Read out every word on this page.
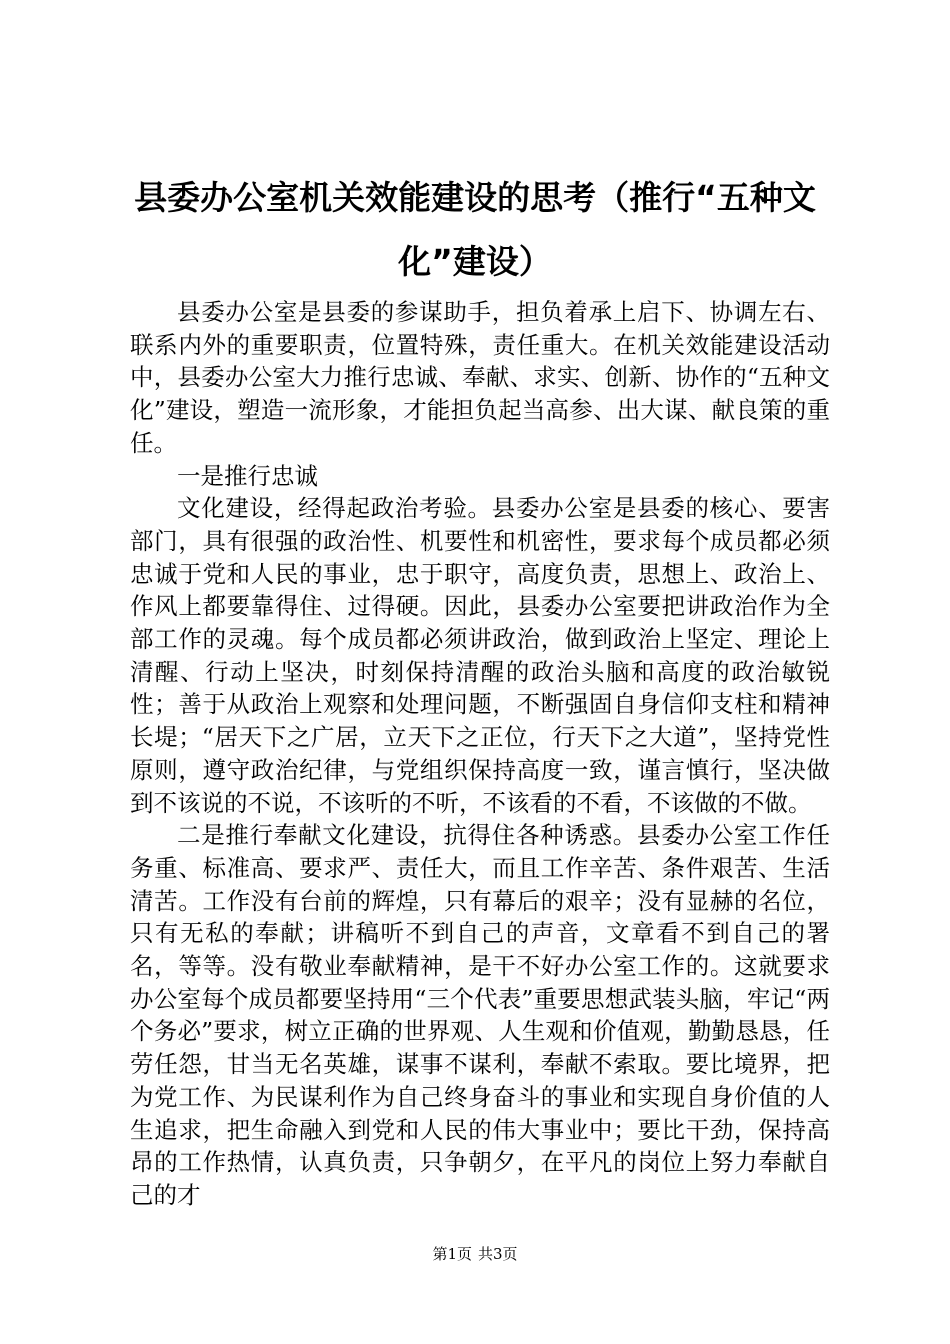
县委办公室机关效能建设的思考（推行“五种文化”建设）

县委办公室是县委的参谋助手，担负着承上启下、协调左右、联系内外的重要职责，位置特殊，责任重大。在机关效能建设活动中，县委办公室大力推行忠诚、奉献、求实、创新、协作的“五种文化”建设，塑造一流形象，才能担负起当高参、出大谋、献良策的重任。

一是推行忠诚

文化建设，经得起政治考验。县委办公室是县委的核心、要害部门，具有很强的政治性、机要性和机密性，要求每个成员都必须忠诚于党和人民的事业，忠于职守，高度负责，思想上、政治上、作风上都要靠得住、过得硬。因此，县委办公室要把讲政治作为全部工作的灵魂。每个成员都必须讲政治，做到政治上坚定、理论上清醒、行动上坚决，时刻保持清醒的政治头脑和高度的政治敏锐性；善于从政治上观察和处理问题，不断强固自身信仰支柱和精神长堤；“居天下之广居，立天下之正位，行天下之大道”，坚持党性原则，遵守政治纪律，与党组织保持高度一致，谨言慎行，坚决做到不该说的不说，不该听的不听，不该看的不看，不该做的不做。

二是推行奉献文化建设，抗得住各种诱惑。县委办公室工作任务重、标准高、要求严、责任大，而且工作辛苦、条件艰苦、生活清苦。工作没有台前的辉煌，只有幕后的艰辛；没有显赫的名位，只有无私的奉献；讲稿听不到自己的声音，文章看不到自己的署名，等等。没有敬业奉献精神，是干不好办公室工作的。这就要求办公室每个成员都要坚持用“三个代表”重要思想武装头脑，牢记“两个务必”要求，树立正确的世界观、人生观和价值观，勤勤恳恳，任劳任怨，甘当无名英雄，谋事不谋利，奉献不索取。要比境界，把为党工作、为民谋利作为自己终身奋斗的事业和实现自身价值的人生追求，把生命融入到党和人民的伟大事业中；要比干劲，保持高昂的工作热情，认真负责，只争朝夕，在平凡的岗位上努力奉献自己的才

第1页 共3页
